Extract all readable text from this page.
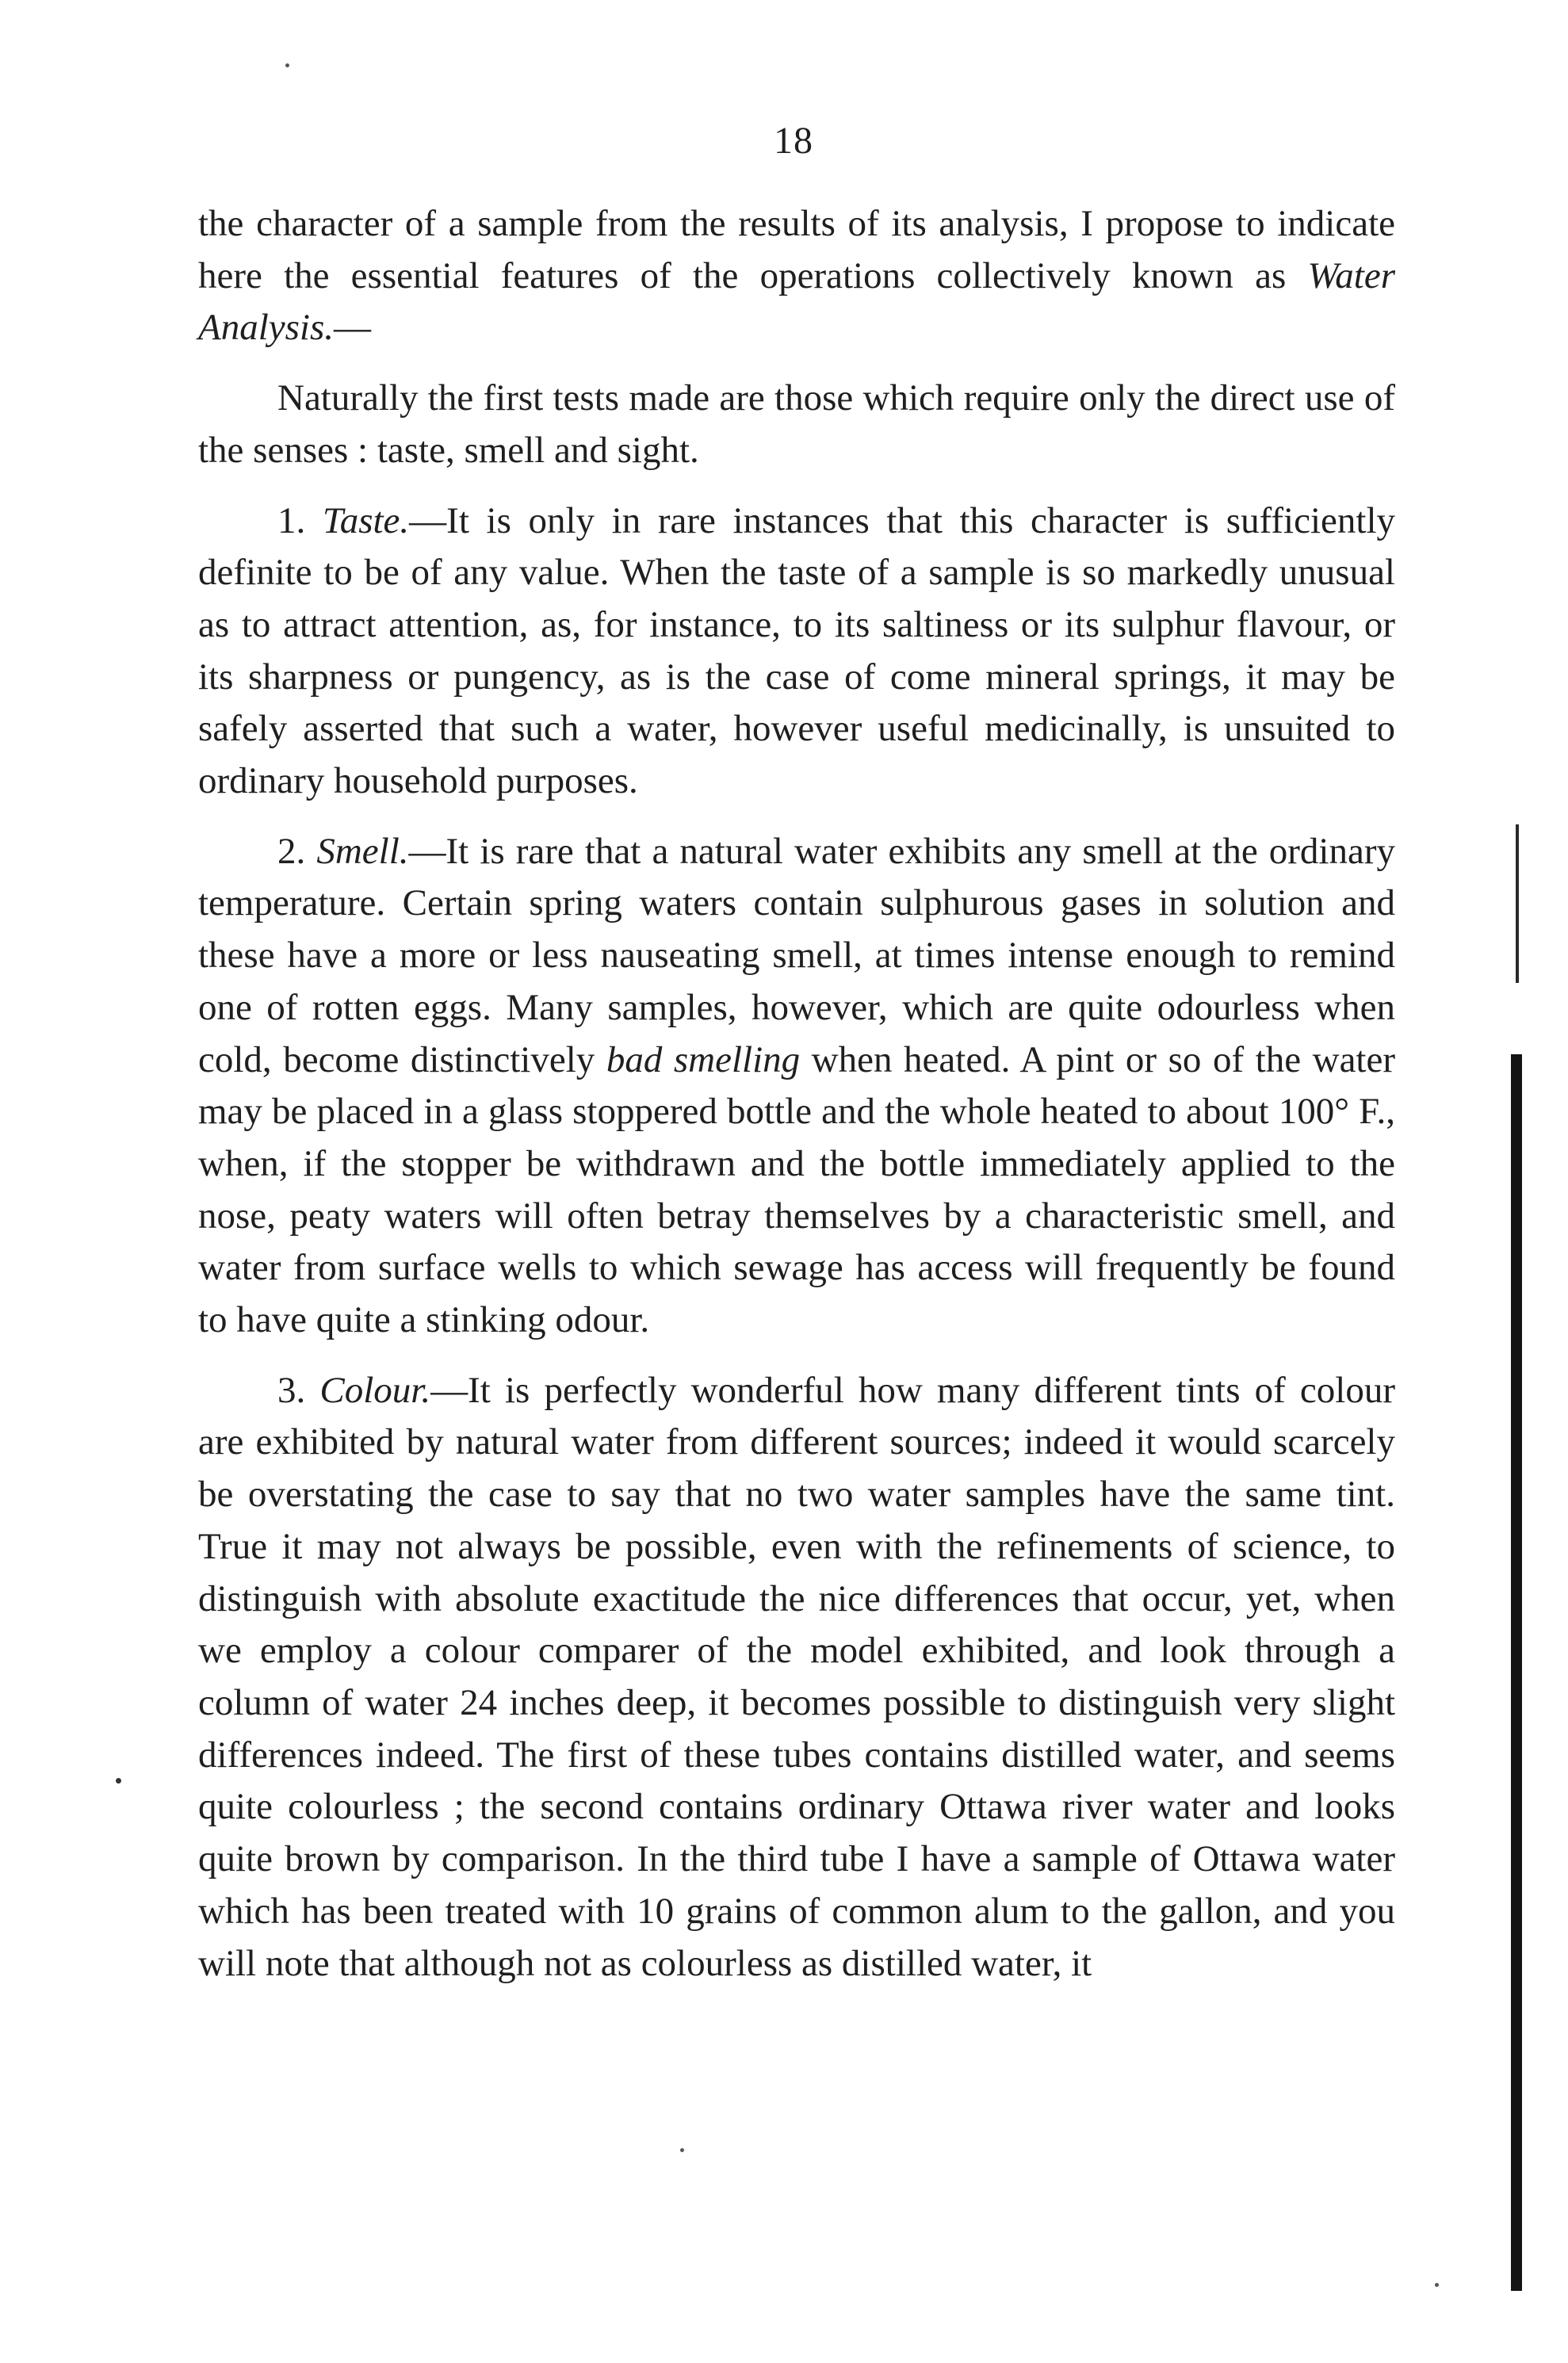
18

the character of a sample from the results of its analysis, I propose to indicate here the essential features of the operations collectively known as Water Analysis.—

Naturally the first tests made are those which require only the direct use of the senses : taste, smell and sight.

1. Taste.—It is only in rare instances that this character is sufficiently definite to be of any value. When the taste of a sample is so markedly unusual as to attract attention, as, for instance, to its saltiness or its sulphur flavour, or its sharpness or pungency, as is the case of come mineral springs, it may be safely asserted that such a water, however useful medicinally, is unsuited to ordinary household purposes.

2. Smell.—It is rare that a natural water exhibits any smell at the ordinary temperature. Certain spring waters contain sulphurous gases in solution and these have a more or less nauseating smell, at times intense enough to remind one of rotten eggs. Many samples, however, which are quite odourless when cold, become distinctively bad smelling when heated. A pint or so of the water may be placed in a glass stoppered bottle and the whole heated to about 100° F., when, if the stopper be withdrawn and the bottle immediately applied to the nose, peaty waters will often betray themselves by a characteristic smell, and water from surface wells to which sewage has access will frequently be found to have quite a stinking odour.

3. Colour.—It is perfectly wonderful how many different tints of colour are exhibited by natural water from different sources; indeed it would scarcely be overstating the case to say that no two water samples have the same tint. True it may not always be possible, even with the refinements of science, to distinguish with absolute exactitude the nice differences that occur, yet, when we employ a colour comparer of the model exhibited, and look through a column of water 24 inches deep, it becomes possible to distinguish very slight differences indeed. The first of these tubes contains distilled water, and seems quite colourless ; the second contains ordinary Ottawa river water and looks quite brown by comparison. In the third tube I have a sample of Ottawa water which has been treated with 10 grains of common alum to the gallon, and you will note that although not as colourless as distilled water, it
